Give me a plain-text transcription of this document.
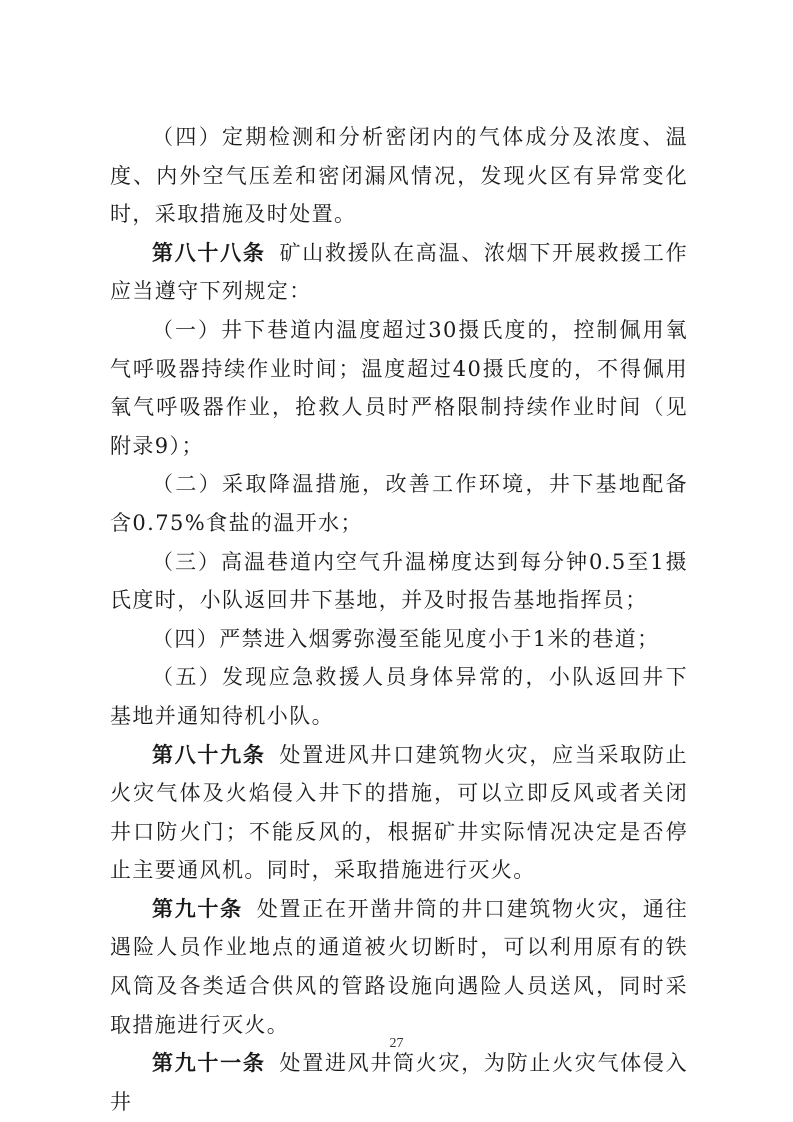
（四）定期检测和分析密闭内的气体成分及浓度、温度、内外空气压差和密闭漏风情况，发现火区有异常变化时，采取措施及时处置。

第八十八条 矿山救援队在高温、浓烟下开展救援工作应当遵守下列规定：

（一）井下巷道内温度超过30摄氏度的，控制佩用氧气呼吸器持续作业时间；温度超过40摄氏度的，不得佩用氧气呼吸器作业，抢救人员时严格限制持续作业时间（见附录9）；

（二）采取降温措施，改善工作环境，井下基地配备含0.75%食盐的温开水；

（三）高温巷道内空气升温梯度达到每分钟0.5至1摄氏度时，小队返回井下基地，并及时报告基地指挥员；

（四）严禁进入烟雾弥漫至能见度小于1米的巷道；

（五）发现应急救援人员身体异常的，小队返回井下基地并通知待机小队。

第八十九条 处置进风井口建筑物火灾，应当采取防止火灾气体及火焰侵入井下的措施，可以立即反风或者关闭井口防火门；不能反风的，根据矿井实际情况决定是否停止主要通风机。同时，采取措施进行灭火。

第九十条 处置正在开凿井筒的井口建筑物火灾，通往遇险人员作业地点的通道被火切断时，可以利用原有的铁风筒及各类适合供风的管路设施向遇险人员送风，同时采取措施进行灭火。

第九十一条 处置进风井筒火灾，为防止火灾气体侵入井

27
